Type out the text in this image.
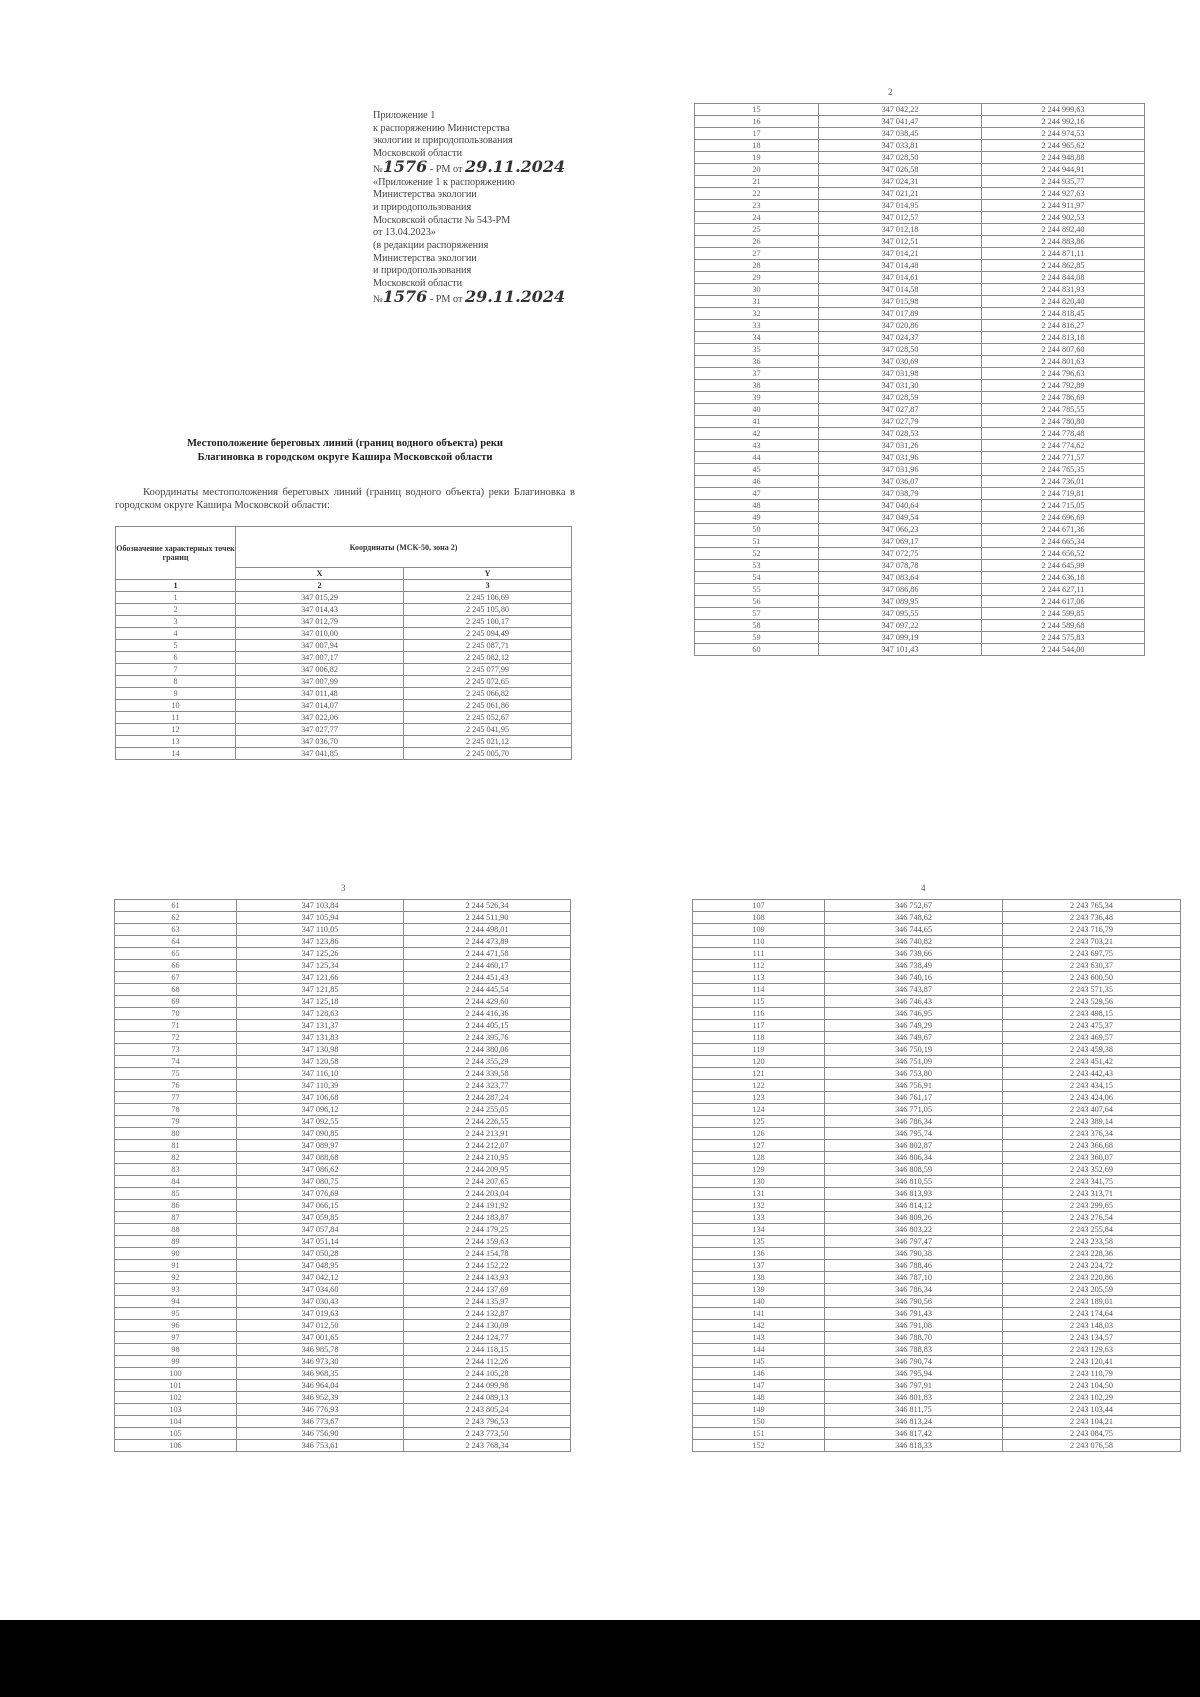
Приложение 1
к распоряжению Министерства
экологии и природопользования
Московской области
№1576 - РМ от 29.11.2024
«Приложение 1 к распоряжению
Министерства экологии
и природопользования
Московской области № 543-РМ
от 13.04.2023»
(в редакции распоряжения
Министерства экологии
и природопользования
Московской области
№1576 - РМ от 29.11.2024
Местоположение береговых линий (границ водного объекта) реки
Благиновка в городском округе Кашира Московской области
Координаты местоположения береговых линий (границ водного объекта) реки Благиновка в городском округе Кашира Московской области:
Обозначение характерных точек границ	Координаты (МСК-50, зона 2)	
	X	Y
1	2	3
1	347 015,29	2 245 106,69
2	347 014,43	2 245 105,80
3	347 012,79	2 245 100,17
4	347 010,00	2 245 094,49
5	347 007,94	2 245 087,71
6	347 007,17	2 245 082,12
7	347 006,82	2 245 077,99
8	347 007,99	2 245 072,65
9	347 011,48	2 245 066,82
10	347 014,07	2 245 061,86
11	347 022,06	2 245 052,67
12	347 027,77	2 245 041,95
13	347 036,70	2 245 021,12
14	347 041,85	2 245 005,70
2
15	347 042,22	2 244 999,63
16	347 041,47	2 244 992,16
17	347 038,45	2 244 974,53
18	347 033,81	2 244 965,62
19	347 028,50	2 244 948,88
20	347 026,58	2 244 944,91
21	347 024,31	2 244 935,77
22	347 021,21	2 244 927,63
23	347 014,95	2 244 911,97
24	347 012,57	2 244 902,53
25	347 012,18	2 244 892,40
26	347 012,51	2 244 883,86
27	347 014,21	2 244 871,11
28	347 014,48	2 244 862,85
29	347 014,61	2 244 844,08
30	347 014,58	2 244 831,93
31	347 015,98	2 244 820,40
32	347 017,89	2 244 818,45
33	347 020,86	2 244 816,27
34	347 024,37	2 244 813,18
35	347 028,50	2 244 807,60
36	347 030,69	2 244 801,63
37	347 031,98	2 244 796,63
38	347 031,30	2 244 792,89
39	347 028,59	2 244 786,69
40	347 027,87	2 244 785,55
41	347 027,79	2 244 780,80
42	347 028,53	2 244 778,48
43	347 031,26	2 244 774,62
44	347 031,96	2 244 771,57
45	347 031,96	2 244 765,35
46	347 036,07	2 244 736,01
47	347 038,79	2 244 719,81
48	347 040,64	2 244 715,05
49	347 049,54	2 244 696,69
50	347 066,23	2 244 671,36
51	347 069,17	2 244 665,34
52	347 072,75	2 244 656,52
53	347 078,78	2 244 645,99
54	347 083,64	2 244 636,18
55	347 086,86	2 244 627,11
56	347 089,95	2 244 617,06
57	347 095,55	2 244 599,85
58	347 097,22	2 244 589,68
59	347 099,19	2 244 575,83
60	347 101,43	2 244 544,00
3
61	347 103,84	2 244 526,34
62	347 105,94	2 244 511,90
63	347 110,05	2 244 498,01
64	347 123,86	2 244 473,89
65	347 125,26	2 244 471,58
66	347 125,34	2 244 460,17
67	347 121,66	2 244 451,43
68	347 121,85	2 244 445,54
69	347 125,18	2 244 429,60
70	347 128,63	2 244 416,36
71	347 131,37	2 244 405,15
72	347 131,83	2 244 395,76
73	347 130,98	2 244 380,06
74	347 120,58	2 244 355,29
75	347 116,10	2 244 339,58
76	347 110,39	2 244 323,77
77	347 106,68	2 244 287,24
78	347 096,12	2 244 255,05
79	347 092,55	2 244 226,55
80	347 090,85	2 244 213,91
81	347 089,97	2 244 212,07
82	347 088,68	2 244 210,95
83	347 086,62	2 244 209,95
84	347 080,75	2 244 207,65
85	347 076,69	2 244 203,04
86	347 066,15	2 244 191,92
87	347 059,85	2 244 183,87
88	347 057,84	2 244 179,25
89	347 051,14	2 244 159,63
90	347 050,28	2 244 154,78
91	347 048,95	2 244 152,22
92	347 042,12	2 244 143,93
93	347 034,60	2 244 137,69
94	347 030,43	2 244 135,97
95	347 019,63	2 244 132,87
96	347 012,50	2 244 130,09
97	347 001,65	2 244 124,77
98	346 985,78	2 244 118,15
99	346 973,30	2 244 112,26
100	346 968,35	2 244 105,28
101	346 964,04	2 244 099,98
102	346 952,39	2 244 089,13
103	346 776,93	2 243 805,24
104	346 773,67	2 243 796,53
105	346 756,90	2 243 773,50
106	346 753,61	2 243 768,34
4
107	346 752,67	2 243 765,34
108	346 748,62	2 243 736,48
109	346 744,65	2 243 716,79
110	346 740,82	2 243 703,21
111	346 739,66	2 243 697,75
112	346 738,49	2 243 630,37
113	346 740,16	2 243 600,50
114	346 743,87	2 243 571,35
115	346 746,43	2 243 529,56
116	346 746,95	2 243 498,15
117	346 749,29	2 243 475,37
118	346 749,67	2 243 469,57
119	346 750,19	2 243 459,38
120	346 751,09	2 243 451,42
121	346 753,80	2 243 442,43
122	346 756,91	2 243 434,15
123	346 761,17	2 243 424,06
124	346 771,05	2 243 407,64
125	346 786,34	2 243 389,14
126	346 795,74	2 243 376,34
127	346 802,87	2 243 366,68
128	346 806,34	2 243 360,07
129	346 808,59	2 243 352,69
130	346 810,55	2 243 341,75
131	346 813,93	2 243 313,71
132	346 814,12	2 243 299,65
133	346 809,26	2 243 276,54
134	346 803,22	2 243 255,84
135	346 797,47	2 243 233,58
136	346 790,38	2 243 228,36
137	346 788,46	2 243 224,72
138	346 787,10	2 243 220,86
139	346 786,34	2 243 205,59
140	346 790,56	2 243 189,01
141	346 791,43	2 243 174,64
142	346 791,08	2 243 148,03
143	346 788,70	2 243 134,57
144	346 788,83	2 243 129,63
145	346 790,74	2 243 120,41
146	346 795,94	2 243 110,79
147	346 797,91	2 243 104,50
148	346 801,83	2 243 102,29
149	346 811,75	2 243 103,44
150	346 813,24	2 243 104,21
151	346 817,42	2 243 084,75
152	346 818,33	2 243 076,58
